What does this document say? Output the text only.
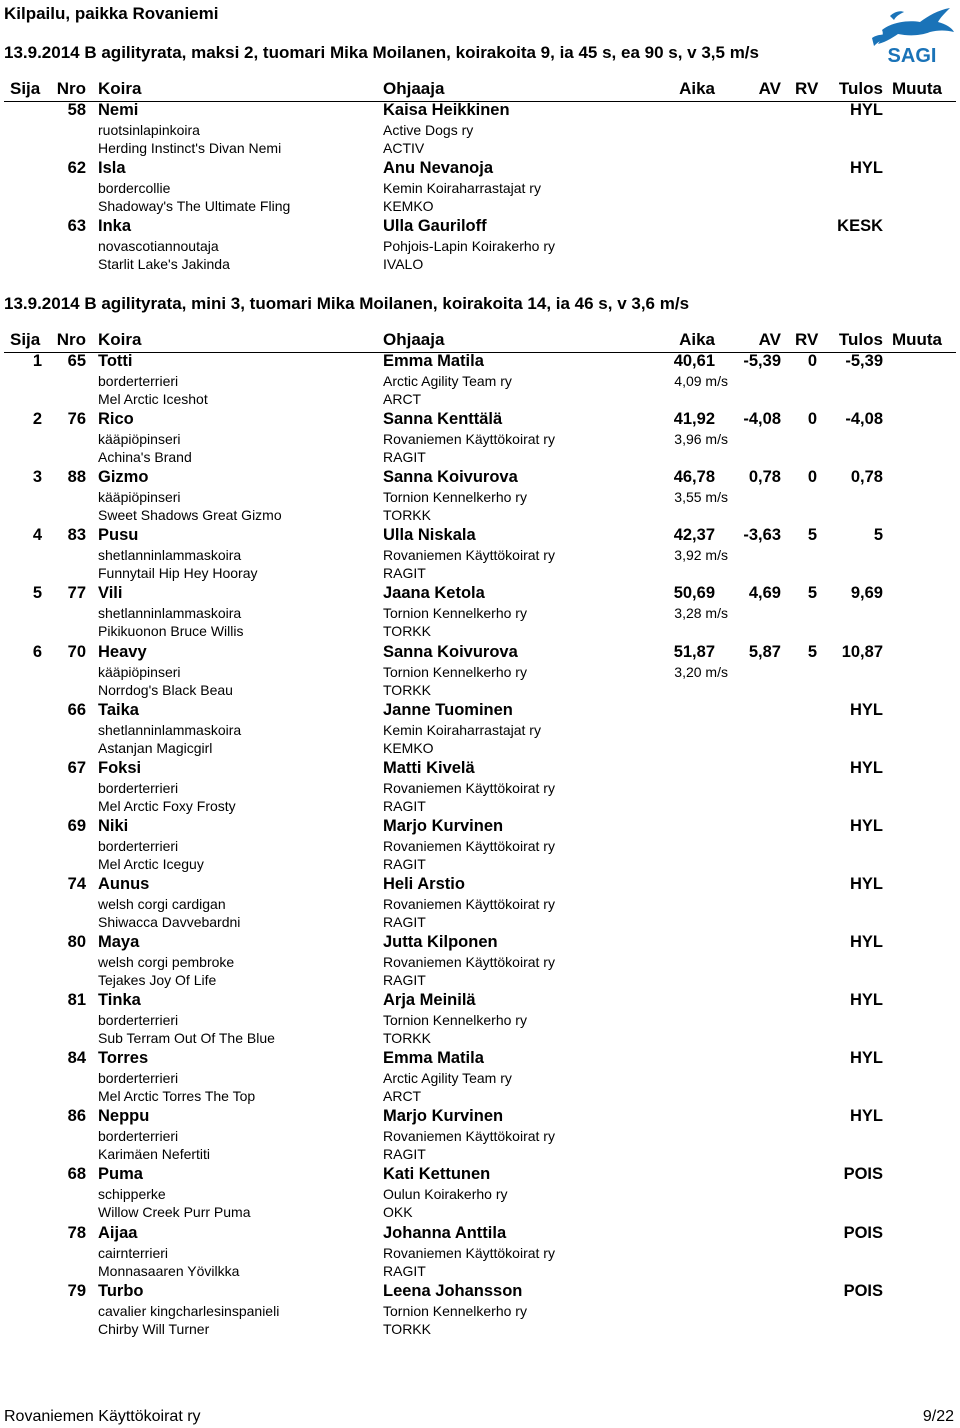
Kilpailu, paikka Rovaniemi
SAGI
13.9.2014 B agilityrata, maksi 2, tuomari Mika Moilanen, koirakoita 9, ia 45 s, ea 90 s, v 3,5 m/s
Sija Nro Koira	Ohjaaja	Aika	AV RV	Tulos Muuta
58 Nemi	Kaisa Heikkinen	HYL
ruotsinlapinkoira	Active Dogs ry
Herding Instinct's Divan Nemi	ACTIV
62 Isla	Anu Nevanoja	HYL
bordercollie	Kemin Koiraharrastajat ry
Shadoway's The Ultimate Fling	KEMKO
63 Inka	Ulla Gauriloff	KESK
novascotiannoutaja	Pohjois-Lapin Koirakerho ry
Starlit Lake's Jakinda	IVALO
13.9.2014 B agilityrata, mini 3, tuomari Mika Moilanen, koirakoita 14, ia 46 s, v 3,6 m/s
Sija Nro Koira	Ohjaaja	Aika	AV RV	Tulos Muuta
1	65 Totti	Emma Matila	40,61	-5,39	0	-5,39
borderterrieri	Arctic Agility Team ry	4,09 m/s
Mel Arctic Iceshot	ARCT
2	76 Rico	Sanna Kenttälä	41,92	-4,08	0	-4,08
kääpiöpinseri	Rovaniemen Käyttökoirat ry	3,96 m/s
Achina's Brand	RAGIT
3	88 Gizmo	Sanna Koivurova	46,78	0,78	0	0,78
kääpiöpinseri	Tornion Kennelkerho ry	3,55 m/s
Sweet Shadows Great Gizmo	TORKK
4	83 Pusu	Ulla Niskala	42,37	-3,63	5	5
shetlanninlammaskoira	Rovaniemen Käyttökoirat ry	3,92 m/s
Funnytail Hip Hey Hooray	RAGIT
5	77 Vili	Jaana Ketola	50,69	4,69	5	9,69
shetlanninlammaskoira	Tornion Kennelkerho ry	3,28 m/s
Pikikuonon Bruce Willis	TORKK
6	70 Heavy	Sanna Koivurova	51,87	5,87	5	10,87
kääpiöpinseri	Tornion Kennelkerho ry	3,20 m/s
Norrdog's Black Beau	TORKK
66 Taika	Janne Tuominen	HYL
shetlanninlammaskoira	Kemin Koiraharrastajat ry
Astanjan Magicgirl	KEMKO
67 Foksi	Matti Kivelä	HYL
borderterrieri	Rovaniemen Käyttökoirat ry
Mel Arctic Foxy Frosty	RAGIT
69 Niki	Marjo Kurvinen	HYL
borderterrieri	Rovaniemen Käyttökoirat ry
Mel Arctic Iceguy	RAGIT
74 Aunus	Heli Arstio	HYL
welsh corgi cardigan	Rovaniemen Käyttökoirat ry
Shiwacca Davvebardni	RAGIT
80 Maya	Jutta Kilponen	HYL
welsh corgi pembroke	Rovaniemen Käyttökoirat ry
Tejakes Joy Of Life	RAGIT
81 Tinka	Arja Meinilä	HYL
borderterrieri	Tornion Kennelkerho ry
Sub Terram Out Of The Blue	TORKK
84 Torres	Emma Matila	HYL
borderterrieri	Arctic Agility Team ry
Mel Arctic Torres The Top	ARCT
86 Neppu	Marjo Kurvinen	HYL
borderterrieri	Rovaniemen Käyttökoirat ry
Karimäen Nefertiti	RAGIT
68 Puma	Kati Kettunen	POIS
schipperke	Oulun Koirakerho ry
Willow Creek Purr Puma	OKK
78 Aijaa	Johanna Anttila	POIS
cairnterrieri	Rovaniemen Käyttökoirat ry
Monnasaaren Yövilkka	RAGIT
79 Turbo	Leena Johansson	POIS
cavalier kingcharlesinspanieli	Tornion Kennelkerho ry
Chirby Will Turner	TORKK
Rovaniemen Käyttökoirat ry	9/22
